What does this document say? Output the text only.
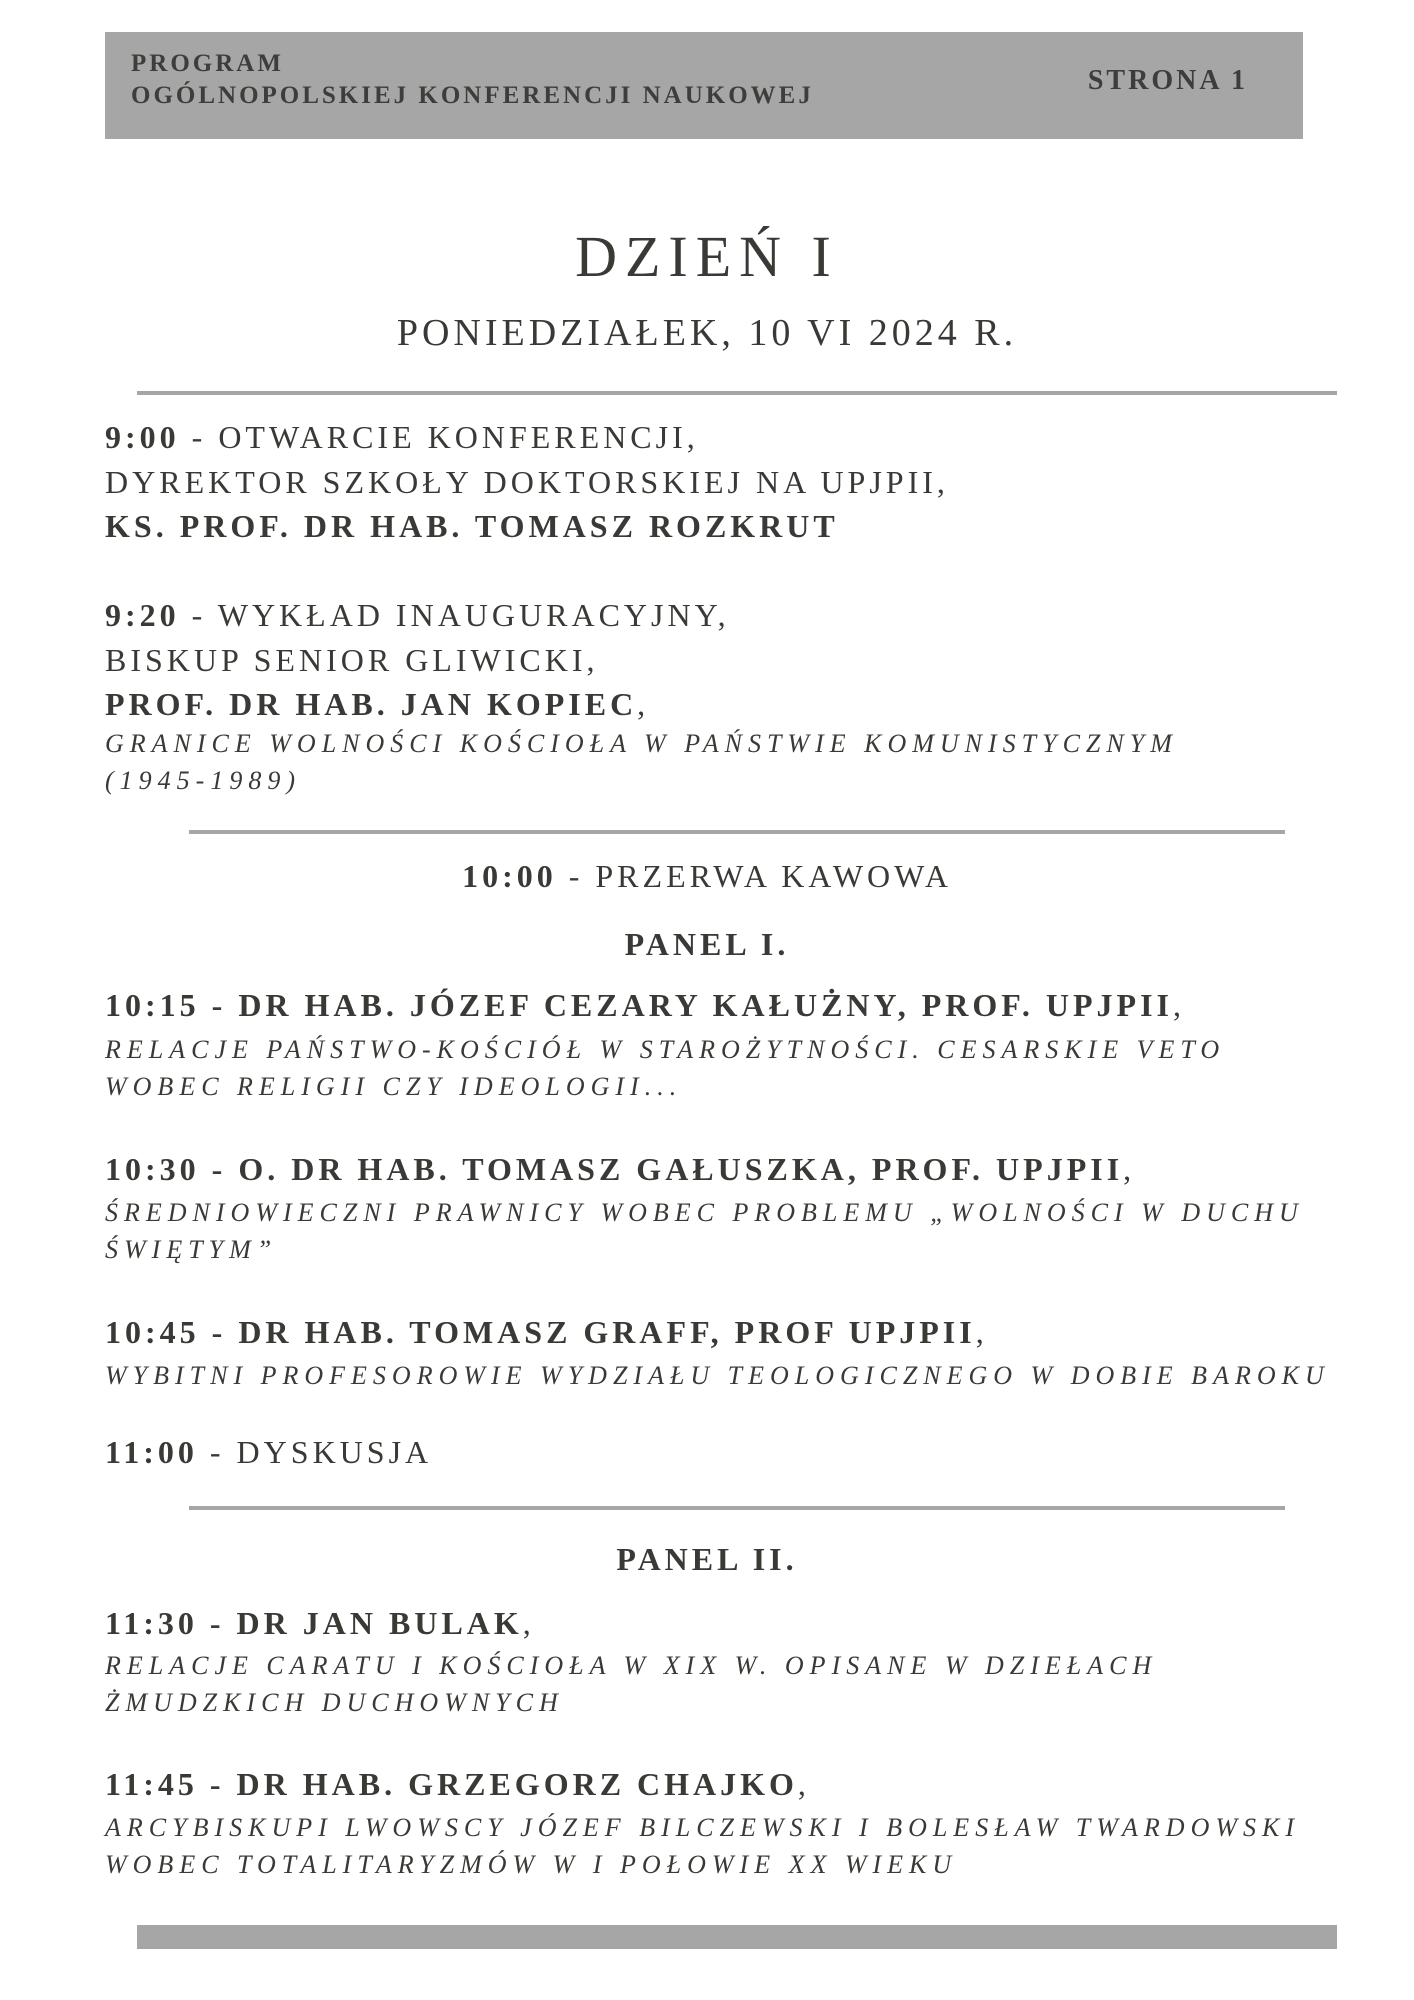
PROGRAM
OGÓLNOPOLSKIEJ KONFERENCJI NAUKOWEJ	STRONA 1
DZIEŃ I
PONIEDZIAŁEK, 10 VI 2024 R.
9:00 - OTWARCIE KONFERENCJI,
DYREKTOR SZKOŁY DOKTORSKIEJ NA UPJPII,
KS. PROF. DR HAB. TOMASZ ROZKRUT
9:20 - WYKŁAD INAUGURACYJNY,
BISKUP SENIOR GLIWICKI,
PROF. DR HAB. JAN KOPIEC,
GRANICE WOLNOŚCI KOŚCIOŁA W PAŃSTWIE KOMUNISTYCZNYM
(1945-1989)
10:00 - PRZERWA KAWOWA
PANEL I.
10:15 - DR HAB. JÓZEF CEZARY KAŁUŻNY, PROF. UPJPII,
RELACJE PAŃSTWO-KOŚCIÓŁ W STAROŻYTNOŚCI. CESARSKIE VETO
WOBEC RELIGII CZY IDEOLOGII...
10:30 - O. DR HAB. TOMASZ GAŁUSZKA, PROF. UPJPII,
ŚREDNIOWIECZNI PRAWNICY WOBEC PROBLEMU „WOLNOŚCI W DUCHU
ŚWIĘTYM”
10:45 - DR HAB. TOMASZ GRAFF, PROF UPJPII,
WYBITNI PROFESOROWIE WYDZIAŁU TEOLOGICZNEGO W DOBIE BAROKU
11:00 - DYSKUSJA
PANEL II.
11:30 - DR JAN BULAK,
RELACJE CARATU I KOŚCIOŁA W XIX W. OPISANE W DZIEŁACH
ŻMUDZKICH DUCHOWNYCH
11:45 - DR HAB. GRZEGORZ CHAJKO,
ARCYBISKUPI LWOWSCY JÓZEF BILCZEWSKI I BOLESŁAW TWARDOWSKI
WOBEC TOTALITARYZMÓW W I POŁOWIE XX WIEKU
